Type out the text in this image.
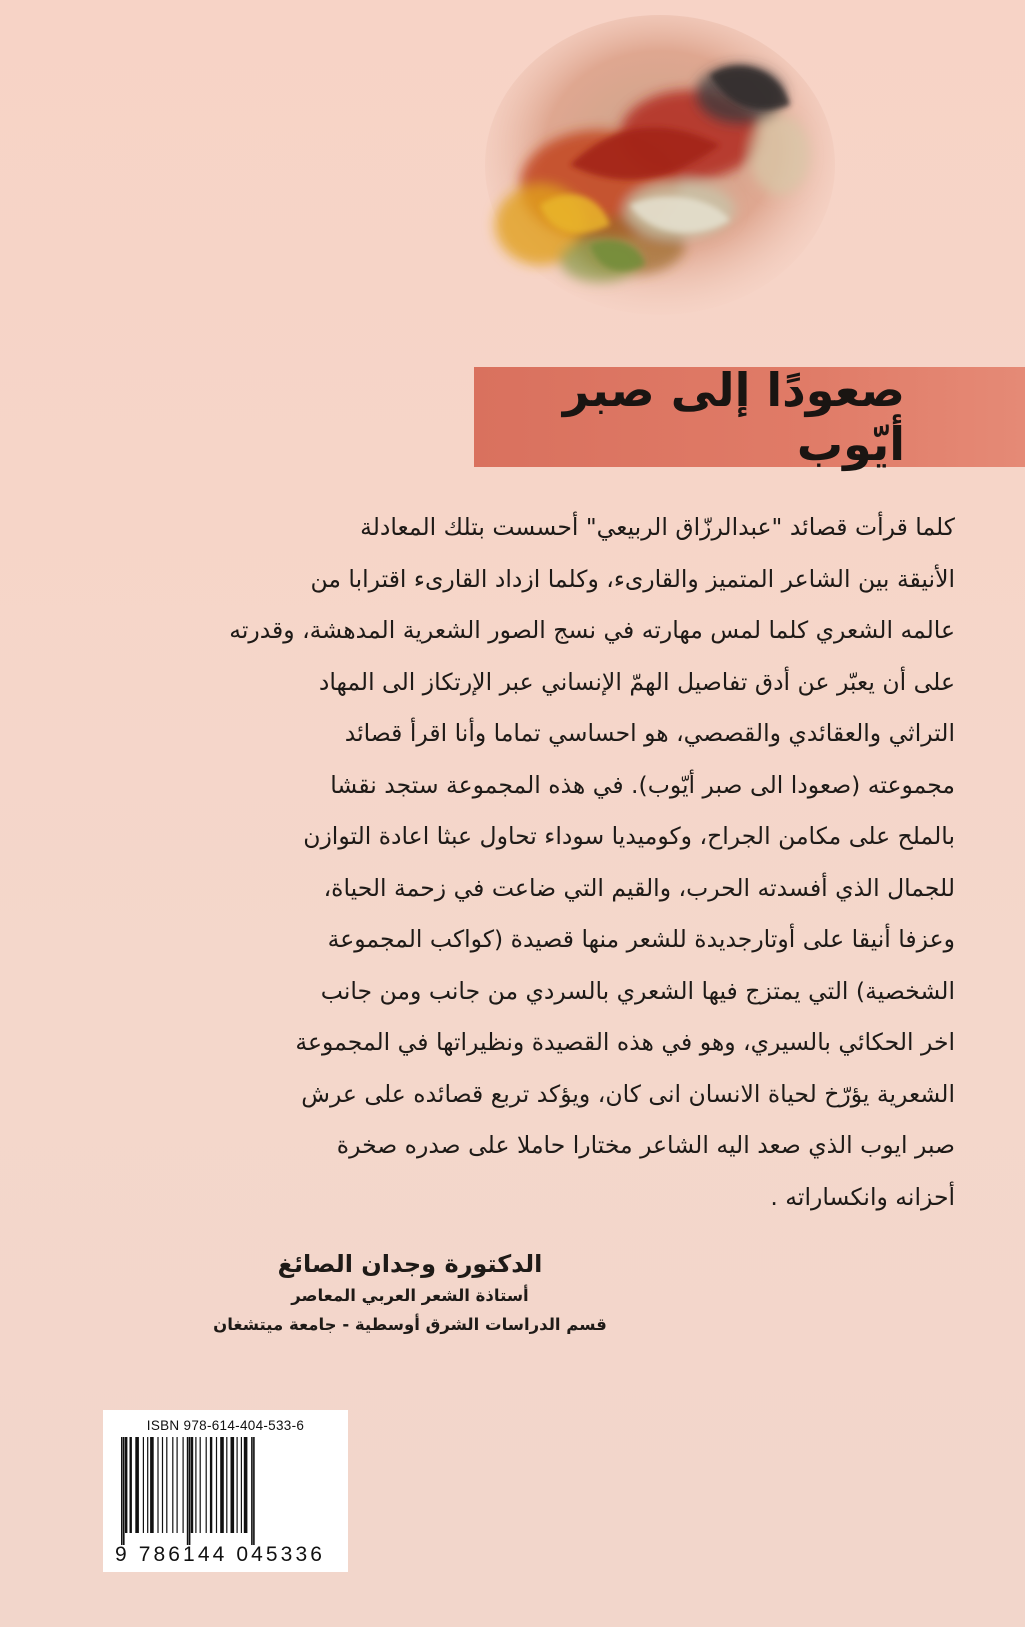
صعودًا إلى صبر أيّوب
كلما قرأت قصائد "عبدالرزّاق الربيعي" أحسست بتلك المعادلة
الأنيقة بين الشاعر المتميز والقارىء، وكلما ازداد القارىء اقترابا من
عالمه الشعري كلما لمس مهارته في نسج الصور الشعرية المدهشة، وقدرته
على أن يعبّر عن أدق تفاصيل الهمّ الإنساني عبر الإرتكاز الى المهاد
التراثي والعقائدي والقصصي، هو احساسي تماما وأنا اقرأ قصائد
مجموعته (صعودا الى صبر أيّوب). في هذه المجموعة ستجد نقشا
بالملح على مكامن الجراح، وكوميديا سوداء تحاول عبثا اعادة التوازن
للجمال الذي أفسدته الحرب، والقيم التي ضاعت في زحمة الحياة،
وعزفا أنيقا على أوتارجديدة للشعر منها قصيدة (كواكب المجموعة
الشخصية) التي يمتزج فيها الشعري بالسردي من جانب ومن جانب
اخر الحكائي بالسيري، وهو في هذه القصيدة ونظيراتها في المجموعة
الشعرية يؤرّخ لحياة الانسان انى كان، ويؤكد تربع قصائده على عرش
صبر ايوب الذي صعد اليه الشاعر مختارا حاملا على صدره صخرة
أحزانه وانكساراته .
الدكتورة وجدان الصائغ
أستاذة الشعر العربي المعاصر
قسم الدراسات الشرق أوسطية - جامعة ميتشغان
ISBN 978-614-404-533-6
9 786144 045336
